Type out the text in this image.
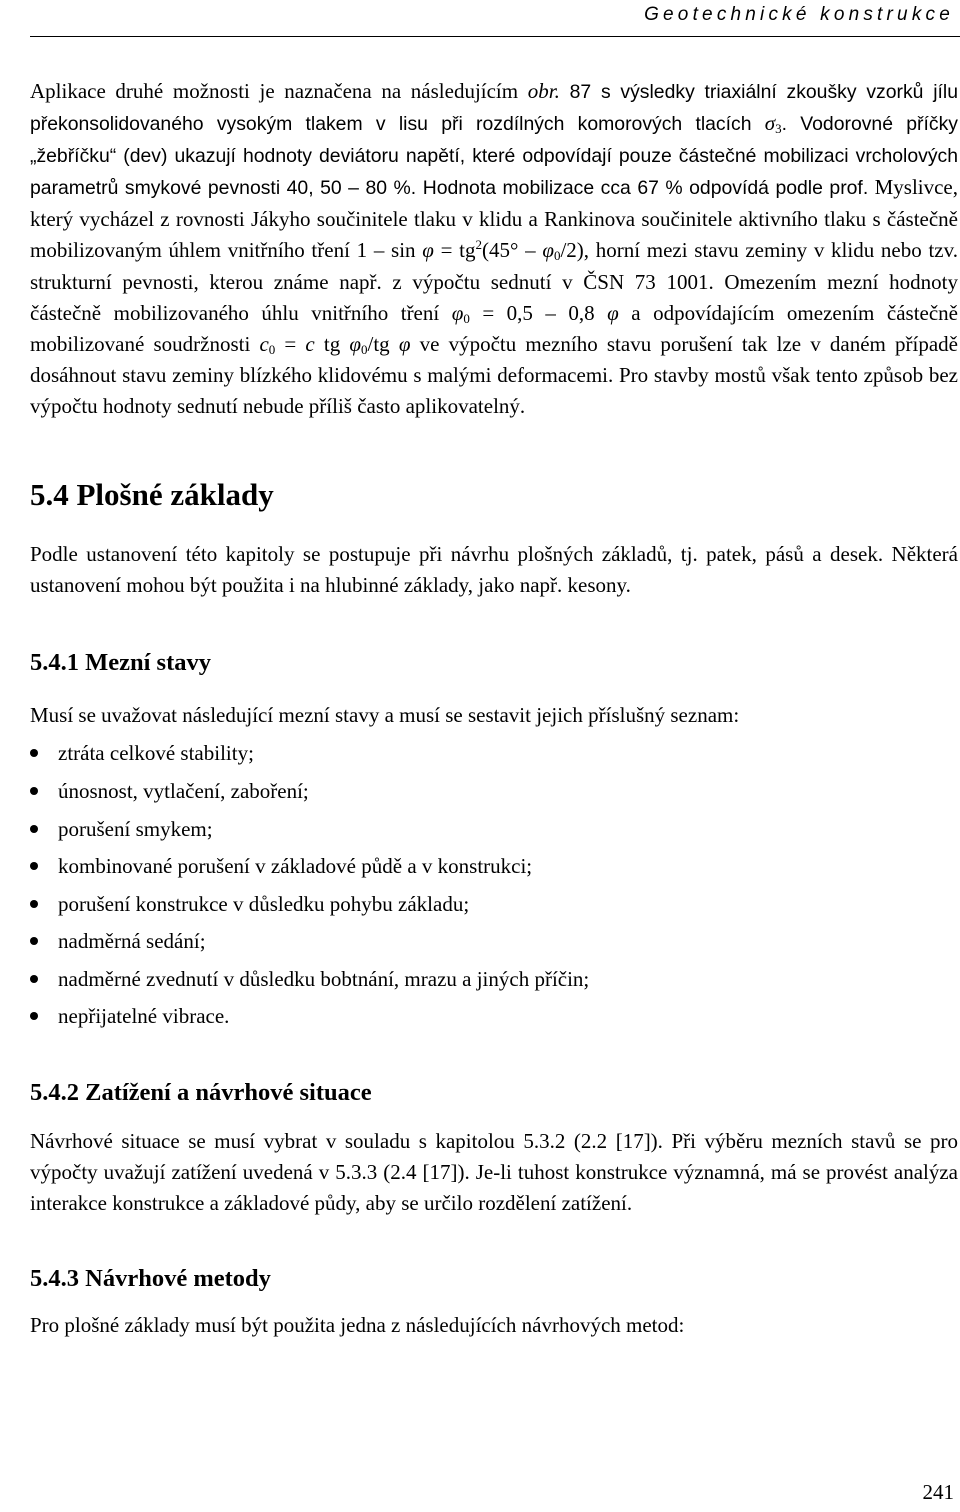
Geotechnické konstrukce

Aplikace druhé možnosti je naznačena na následujícím obr. 87 s výsledky triaxiální zkoušky vzorků jílu překonsolidovaného vysokým tlakem v lisu při rozdílných komorových tlacích $\sigma_3$. Vodorovné příčky „žebříčku“ (dev) ukazují hodnoty deviátoru napětí, které odpovídají pouze částečné mobilizaci vrcholových parametrů smykové pevnosti 40, 50 – 80 %. Hodnota mobilizace cca 67 % odpovídá podle prof. Myslivce, který vycházel z rovnosti Jákyho součinitele tlaku v klidu a Rankinova součinitele aktivního tlaku s částečně mobilizovaným úhlem vnitřního tření $1 - \sin \varphi = tg^2(45^\circ - \varphi_0/2)$, horní mezi stavu zeminy v klidu nebo tzv. strukturní pevnosti, kterou známe např. z výpočtu sednutí v ČSN 73 1001. Omezením mezní hodnoty částečně mobilizovaného úhlu vnitřního tření $\varphi_0 = 0,5 - 0,8$ φ a odpovídajícím omezením částečně mobilizované soudržnosti $c_0 = c$ tg $\varphi_0/tg$ φ ve výpočtu mezního stavu porušení tak lze v daném případě dosáhnout stavu zeminy blízkého klidovému s malými deformacemi. Pro stavby mostů však tento způsob bez výpočtu hodnoty sednutí nebude příliš často aplikovatelný.

5.4 Plošné základy

Podle ustanovení této kapitoly se postupuje při návrhu plošných základů, tj. patek, pásů a desek. Některá ustanovení mohou být použita i na hlubinné základy, jako např. kesony.

5.4.1 Mezní stavy

Musí se uvažovat následující mezní stavy a musí se sestavit jejich příslušný seznam:

ztráta celkové stability;
únosnost, vytlačení, zaboření;
porušení smykem;
kombinované porušení v základové půdě a v konstrukci;
porušení konstrukce v důsledku pohybu základu;
nadměrná sedání;
nadměrné zvednutí v důsledku bobtnání, mrazu a jiných příčin;
nepřijatelné vibrace.
5.4.2 Zatížení a návrhové situace

Návrhové situace se musí vybrat v souladu s kapitolou 5.3.2 (2.2 [17]). Při výběru mezních stavů se pro výpočty uvažují zatížení uvedená v 5.3.3 (2.4 [17]). Je-li tuhost konstrukce významná, má se provést analýza interakce konstrukce a základové půdy, aby se určilo rozdělení zatížení.

5.4.3 Návrhové metody

Pro plošné základy musí být použita jedna z následujících návrhových metod:

241
